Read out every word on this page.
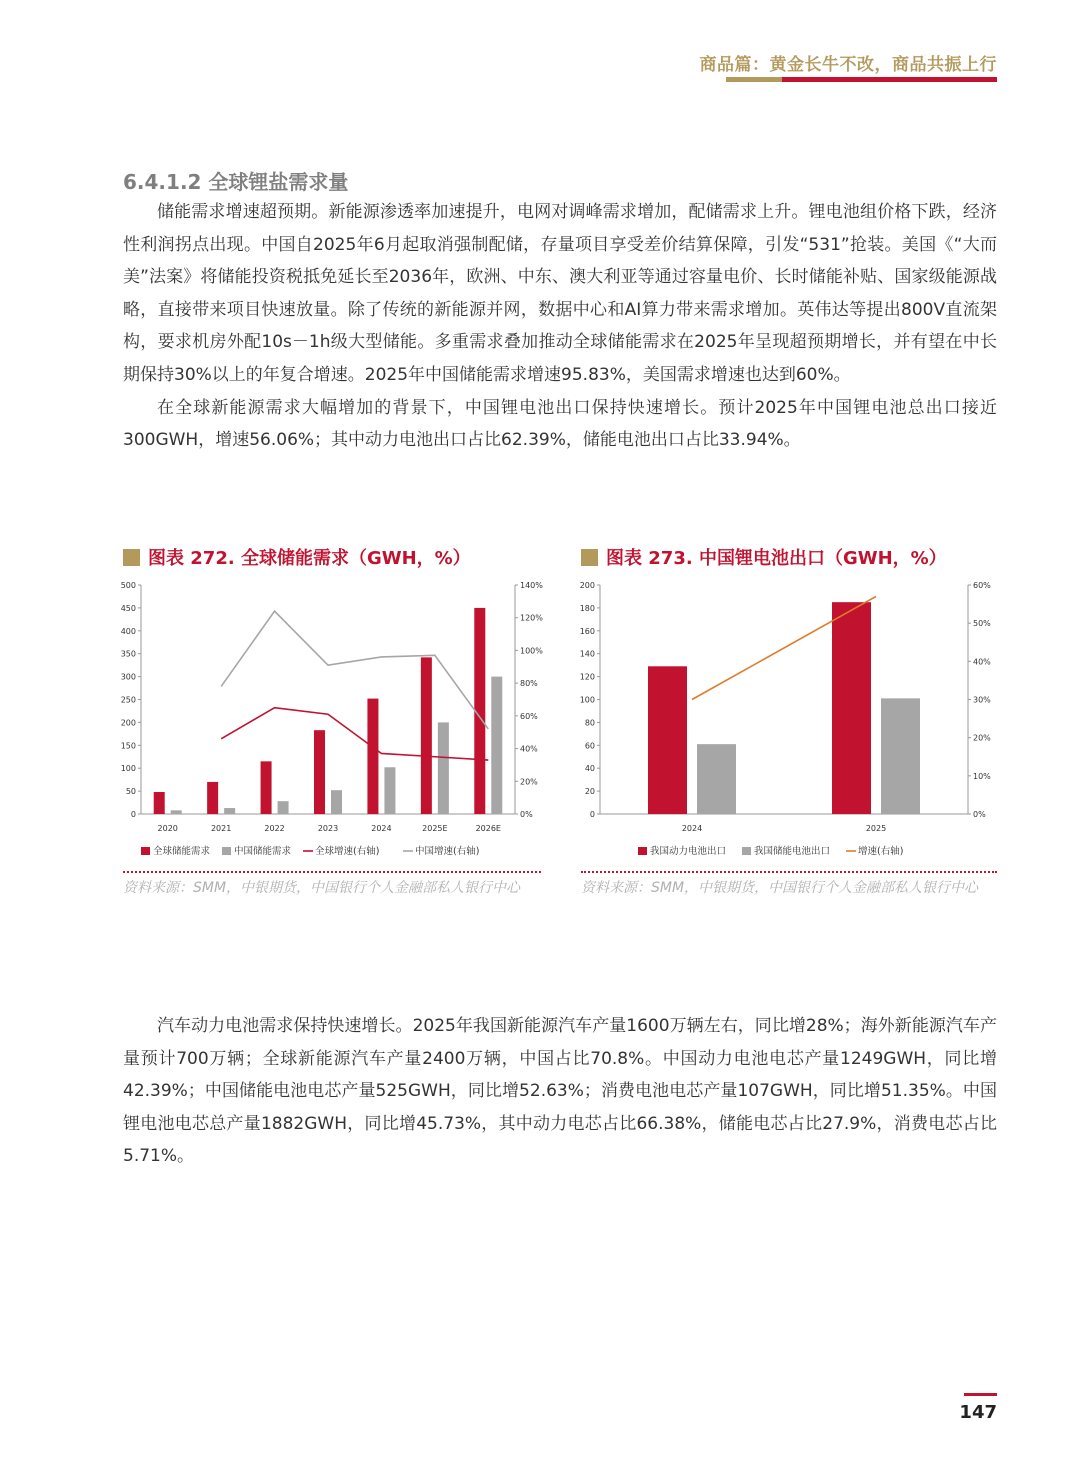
商品篇：黄金长牛不改，商品共振上行
6.4.1.2 全球锂盐需求量

储能需求增速超预期。新能源渗透率加速提升，电网对调峰需求增加，配储需求上升。锂电池组价格下跌，经济性利润拐点出现。中国自2025年6月起取消强制配储，存量项目享受差价结算保障，引发“531”抢装。美国《“大而美”法案》将储能投资税抵免延长至2036年，欧洲、中东、澳大利亚等通过容量电价、长时储能补贴、国家级能源战略，直接带来项目快速放量。除了传统的新能源并网，数据中心和AI算力带来需求增加。英伟达等提出800V直流架构，要求机房外配10s－1h级大型储能。多重需求叠加推动全球储能需求在2025年呈现超预期增长，并有望在中长期保持30%以上的年复合增速。2025年中国储能需求增速95.83%，美国需求增速也达到60%。

在全球新能源需求大幅增加的背景下，中国锂电池出口保持快速增长。预计2025年中国锂电池总出口接近300GWH，增速56.06%；其中动力电池出口占比62.39%，储能电池出口占比33.94%。

图表 272. 全球储能需求（GWH，%）
0
50
100
150
200
250
300
350
400
450
500
0%
20%
40%
60%
80%
100%
120%
140%
2020	2021	2022	2023	2024	2025E	2026E
全球储能需求	中国储能需求	全球增速(右轴)	中国增速(右轴)
资料来源：SMM，中银期货，中国银行个人金融部私人银行中心
图表 273. 中国锂电池出口（GWH，%）
0
20
40
60
80
100
120
140
160
180
200
0%
10%
20%
30%
40%
50%
60%
2024	2025
我国动力电池出口	我国储能电池出口	增速(右轴)
资料来源：SMM，中银期货，中国银行个人金融部私人银行中心

汽车动力电池需求保持快速增长。2025年我国新能源汽车产量1600万辆左右，同比增28%；海外新能源汽车产量预计700万辆；全球新能源汽车产量2400万辆，中国占比70.8%。中国动力电池电芯产量1249GWH，同比增42.39%；中国储能电池电芯产量525GWH，同比增52.63%；消费电池电芯产量107GWH，同比增51.35%。中国锂电池电芯总产量1882GWH，同比增45.73%，其中动力电芯占比66.38%，储能电芯占比27.9%，消费电芯占比5.71%。

147
